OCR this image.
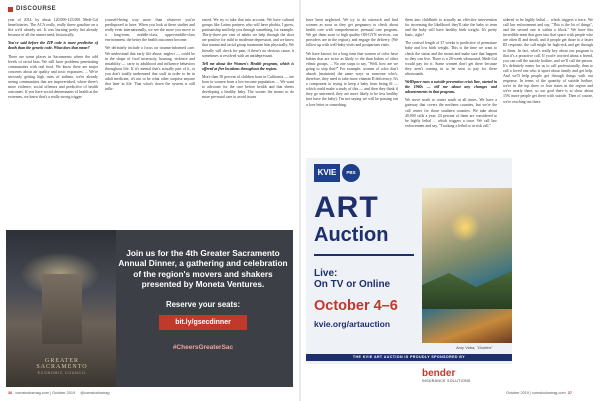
DISCOURSE

year of 2014, by about 120,000-125,000 Medi-Cal beneficiaries. The ACA really, really threw gasoline on a fire we'd already set. It was burning pretty hot already because of all the unmet need, historically.

You've said before the ZIP code is more predictive of death than the genetic code. What does that mean?

There are some places in Sacramento where the odd levels of racial bias. We still have problems penetrating communities with real food. We know there are major concerns about air quality and toxic exposures. ... We're seriously getting high rates of asthma, we're already seeing communities that are impoverished, where there's more violence, social offenses and predictive of health outcomes. If you have social determinants of health at the extremes, we know that's a really strong trigger.

yourself-being way more than whatever you're predisposed to have. When you look at these studies and really even internationally, we see the more you move to a long-term, middle-class, upper-middle-class environment, the better the health outcomes become.

We definitely include a focus on trauma-informed care. We understand that early life abuse, neglect — could be in the shape of food insecurity, housing, violence and instability — carry to adulthood and influence behaviors throughout life. If it's mental that's actually part of it, or you don't totally understand that stuff in order to be in adult medicine, it's not to be what other surprise anyone that later in life. That what's down the system is still influ-

enced. We try to take that into account. We have cultural groups like Latino partners who will have phobia, I guess, partisanship and help you through something, for example. Thirty-three per cent of adults we help through the door are positive for mild to moderate depression, and we know that trauma and racial group traumatize him physically. We literally will check for pain, if there's no obvious cause, it sometimes is resolved with an antidepressant.

Tell me about the Women's Health program, which is offered at five locations throughout the region.

More than 50 percent of children born in California — are born to women from a low-income population. ... We want to advocate for the care before health and that sheets developing a healthy baby. The sooner the moms to do more pre-natal care to avoid issues

have been neglected. We try to do outreach and find women as soon as they get pregnancy to check about health care with comprehensive, prenatal care program. We get them soon to high quality OB-GYN services, our providers are in the region), and engage the delivery. (We follow up with well-baby visits and postpartum visits.

We have known for a long time that women of color have babies that are twice as likely to die than babies of other ethnic groups. ... No one stops to say, "Well, how are we going to stop that?" For example, women of color don't absorb (maintain) the same ways as someone who's, therefore, they need to take more vitamin D deficiency. It's a component to trying to keep a baby from being ill — which could make a study of this — and then they think if they go untreated, they are more likely to be less healthy (not have the baby). I'm not saying we will be passing out a love letter or something.

them into childbirth to actually an effective intervention for increasing the likelihood they'll take the baby to term and the baby will have healthy birth weight. It's pretty basic, right?

The cortisol length of 37 weeks is predictive of premature baby and low birth weight. This is the time we want to check the status and the moms and make sure that happen so they can live. There is a 20-week ultrasound, Medi-Cal would pay for it. Some women don't get there because they aren't coming in to be seen to pay for these ultrasounds.

WellSpace runs a suicide-prevention crisis line, started in the 1960s — tell me about any changes and advancements in that program.

We serve north to center south at all times. We have a gateway that covers the northern counties, but we're the call center for those southern counties. We take about 40,000 calls a year; 24 percent of them are considered to be highly lethal ... which triggers a trace. We call law enforcement and say, "Tracking a lethal or at-risk call."

sidered to be highly lethal ... which triggers a trace. We call law enforcement and say, "This is the lot of things", and the second one is within a block." We have this incredible team that goes into that space with people who are often ill and death, and if people get those to a faster ID response, the call might be high-risk and get through to them. In fact, what's really key about our program is that it's a proactive call. If you're worried about a friend, you can call the suicide hotline, and we'll call the person. It's definitely easier for us to call professionally, than to call a loved one who is upset about family and get help. And we'll help people get through things with our response. In terms of the quantity of suicide hotline, we're in the top three or four states in the region and we're nearly there, so our goal there is to show about 15% more people get there with suicide. Then of course, we're reaching out there.

GREATER SACRAMENTO
ECONOMIC COUNCIL
Join us for the 4th Greater Sacramento Annual Dinner, a gathering and celebration of the region's movers and shakers presented by Moneta Ventures.
Reserve your seats:
bit.ly/gsecdinner
#CheersGreaterSac
KVIE	PBS
ART
Auction
Live:
On TV or Online
October 4–6
kvie.org/artauction
Amy Vidra, "Golden"
THE KVIE ART AUCTION IS PROUDLY SPONSORED BY
bender
INSURANCE SOLUTIONS
36 comstocksmag.com | October 2019 @comstocksmag	October 2019 | comstocksmag.com 37
